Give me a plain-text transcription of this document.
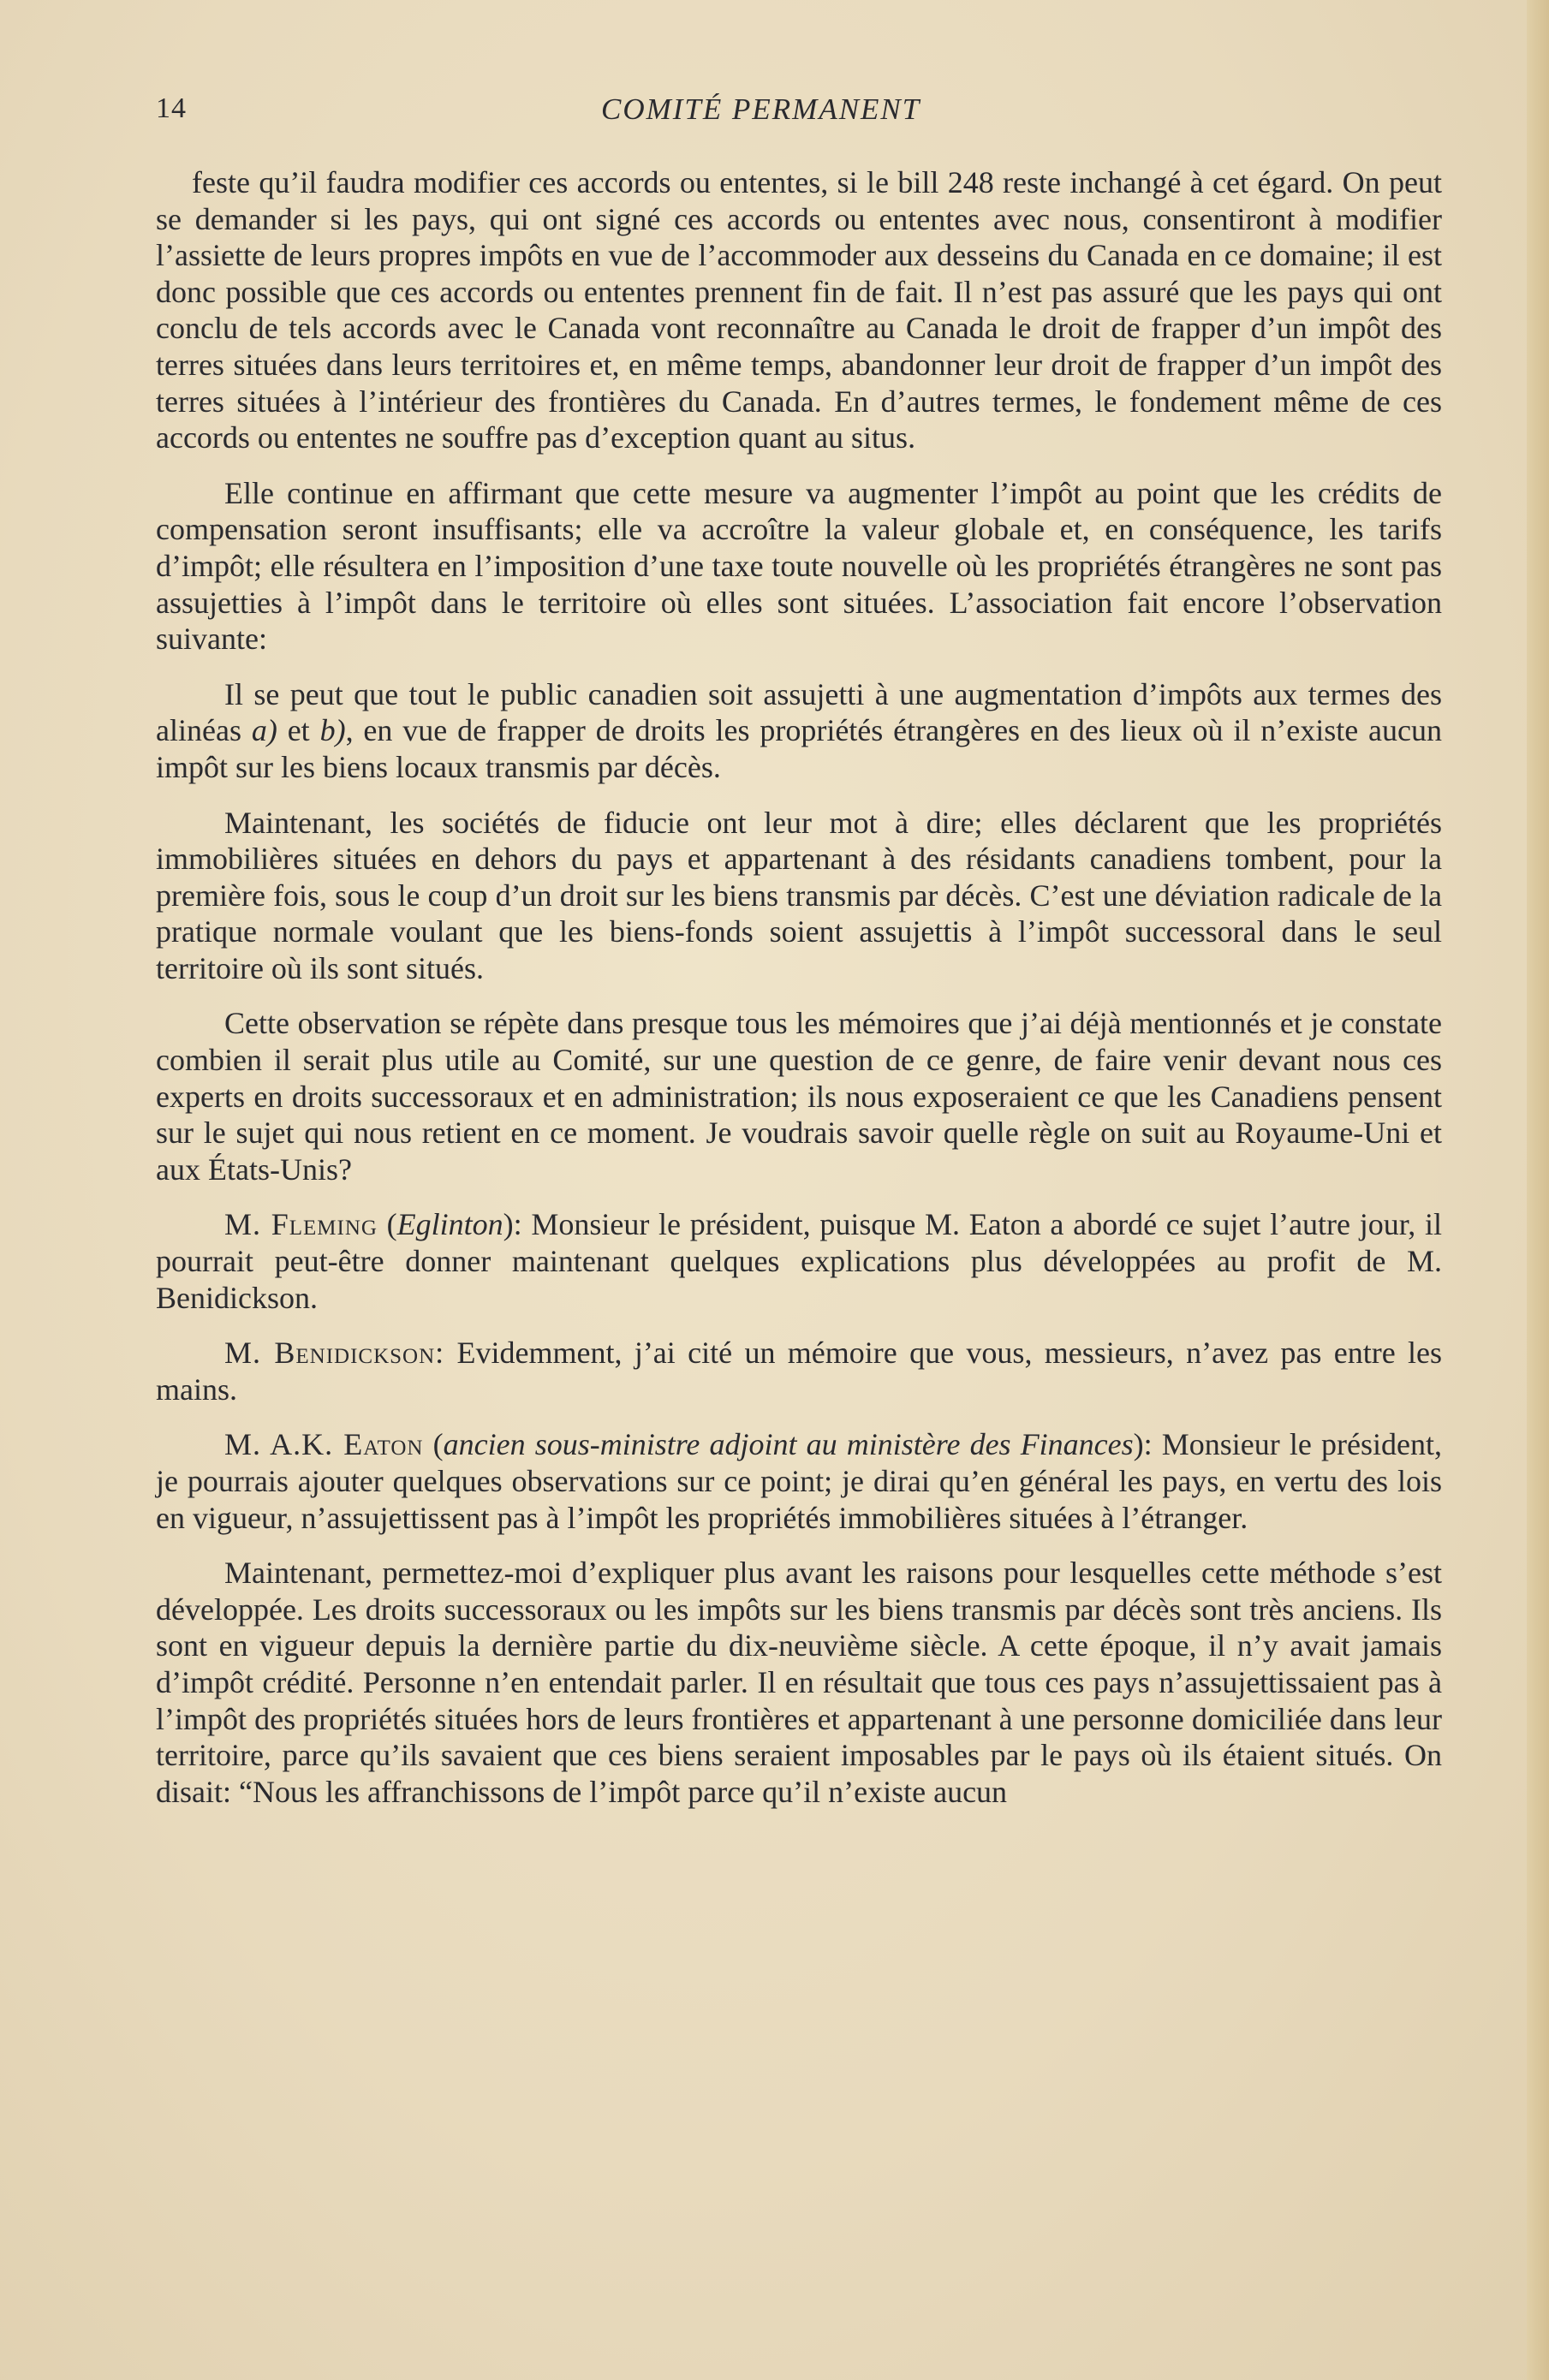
14	COMITÉ PERMANENT

feste qu’il faudra modifier ces accords ou ententes, si le bill 248 reste inchangé à cet égard. On peut se demander si les pays, qui ont signé ces accords ou ententes avec nous, consentiront à modifier l’assiette de leurs propres impôts en vue de l’accommoder aux desseins du Canada en ce domaine; il est donc possible que ces accords ou ententes prennent fin de fait. Il n’est pas assuré que les pays qui ont conclu de tels accords avec le Canada vont reconnaître au Canada le droit de frapper d’un impôt des terres situées dans leurs territoires et, en même temps, abandonner leur droit de frapper d’un impôt des terres situées à l’intérieur des frontières du Canada. En d’autres termes, le fondement même de ces accords ou ententes ne souffre pas d’exception quant au situs.

Elle continue en affirmant que cette mesure va augmenter l’impôt au point que les crédits de compensation seront insuffisants; elle va accroître la valeur globale et, en conséquence, les tarifs d’impôt; elle résultera en l’imposition d’une taxe toute nouvelle où les propriétés étrangères ne sont pas assujetties à l’impôt dans le territoire où elles sont situées. L’association fait encore l’observation suivante:

Il se peut que tout le public canadien soit assujetti à une augmentation d’impôts aux termes des alinéas a) et b), en vue de frapper de droits les propriétés étrangères en des lieux où il n’existe aucun impôt sur les biens locaux transmis par décès.

Maintenant, les sociétés de fiducie ont leur mot à dire; elles déclarent que les propriétés immobilières situées en dehors du pays et appartenant à des résidants canadiens tombent, pour la première fois, sous le coup d’un droit sur les biens transmis par décès. C’est une déviation radicale de la pratique normale voulant que les biens-fonds soient assujettis à l’impôt successoral dans le seul territoire où ils sont situés.

Cette observation se répète dans presque tous les mémoires que j’ai déjà mentionnés et je constate combien il serait plus utile au Comité, sur une question de ce genre, de faire venir devant nous ces experts en droits successoraux et en administration; ils nous exposeraient ce que les Canadiens pensent sur le sujet qui nous retient en ce moment. Je voudrais savoir quelle règle on suit au Royaume-Uni et aux États-Unis?

M. Fleming (Eglinton): Monsieur le président, puisque M. Eaton a abordé ce sujet l’autre jour, il pourrait peut-être donner maintenant quelques explications plus développées au profit de M. Benidickson.

M. Benidickson: Evidemment, j’ai cité un mémoire que vous, messieurs, n’avez pas entre les mains.

M. A.K. Eaton (ancien sous-ministre adjoint au ministère des Finances): Monsieur le président, je pourrais ajouter quelques observations sur ce point; je dirai qu’en général les pays, en vertu des lois en vigueur, n’assujettissent pas à l’impôt les propriétés immobilières situées à l’étranger.

Maintenant, permettez-moi d’expliquer plus avant les raisons pour lesquelles cette méthode s’est développée. Les droits successoraux ou les impôts sur les biens transmis par décès sont très anciens. Ils sont en vigueur depuis la dernière partie du dix-neuvième siècle. A cette époque, il n’y avait jamais d’impôt crédité. Personne n’en entendait parler. Il en résultait que tous ces pays n’assujettissaient pas à l’impôt des propriétés situées hors de leurs frontières et appartenant à une personne domiciliée dans leur territoire, parce qu’ils savaient que ces biens seraient imposables par le pays où ils étaient situés. On disait: “Nous les affranchissons de l’impôt parce qu’il n’existe aucun
